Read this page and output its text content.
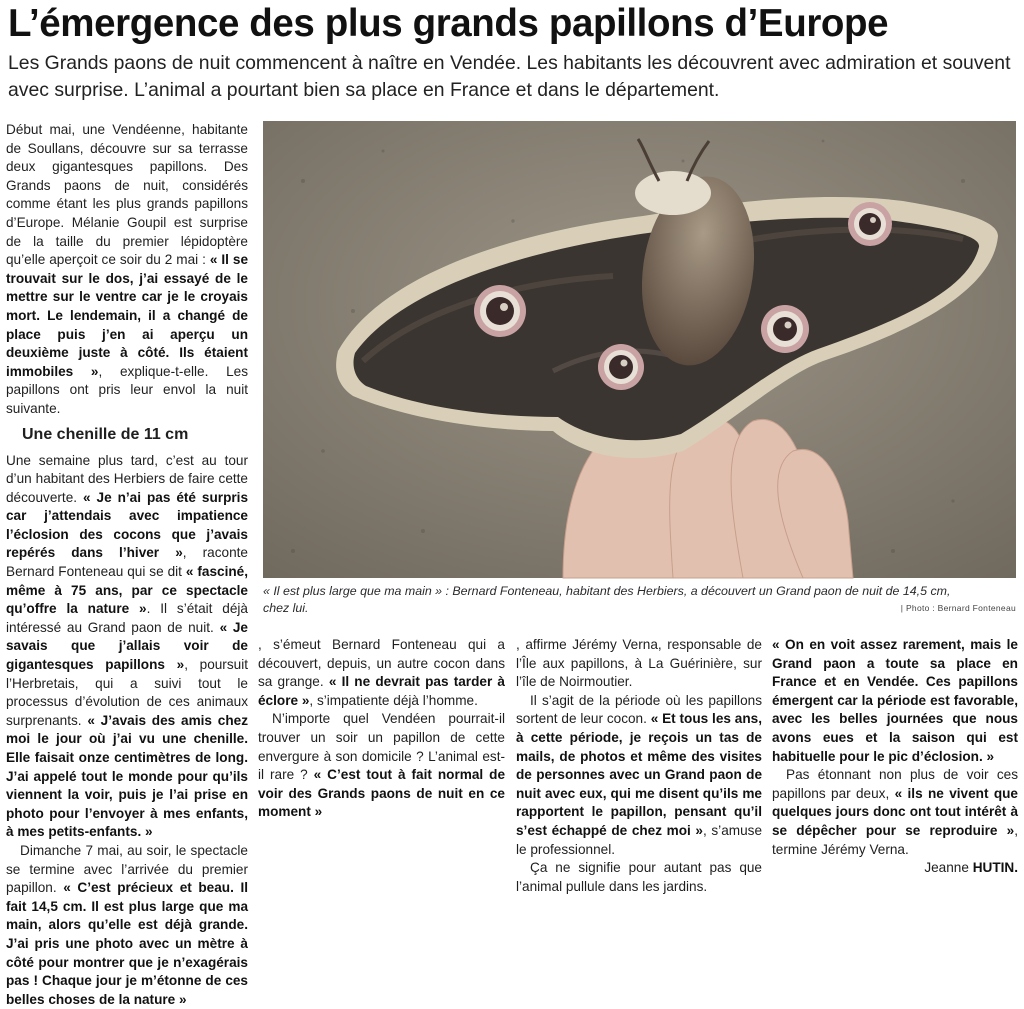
L’émergence des plus grands papillons d’Europe

Les Grands paons de nuit commencent à naître en Vendée. Les habitants les découvrent avec admiration et souvent avec surprise. L’animal a pourtant bien sa place en France et dans le département.

Début mai, une Vendéenne, habitante de Soullans, découvre sur sa terrasse deux gigantesques papillons. Des Grands paons de nuit, considérés comme étant les plus grands papillons d’Europe. Mélanie Goupil est surprise de la taille du premier lépidoptère qu’elle aperçoit ce soir du 2 mai : « Il se trouvait sur le dos, j’ai essayé de le mettre sur le ventre car je le croyais mort. Le lendemain, il a changé de place puis j’en ai aperçu un deuxième juste à côté. Ils étaient immobiles », explique-t-elle. Les papillons ont pris leur envol la nuit suivante.

Une chenille de 11 cm

Une semaine plus tard, c’est au tour d’un habitant des Herbiers de faire cette découverte. « Je n’ai pas été surpris car j’attendais avec impatience l’éclosion des cocons que j’avais repérés dans l’hiver », raconte Bernard Fonteneau qui se dit « fasciné, même à 75 ans, par ce spectacle qu’offre la nature ». Il s’était déjà intéressé au Grand paon de nuit. « Je savais que j’allais voir de gigantesques papillons », poursuit l’Herbretais, qui a suivi tout le processus d’évolution de ces animaux surprenants. « J’avais des amis chez moi le jour où j’ai vu une chenille. Elle faisait onze centimètres de long. J’ai appelé tout le monde pour qu’ils viennent la voir, puis je l’ai prise en photo pour l’envoyer à mes enfants, à mes petits-enfants. »

Dimanche 7 mai, au soir, le spectacle se termine avec l’arrivée du premier papillon. « C’est précieux et beau. Il fait 14,5 cm. Il est plus large que ma main, alors qu’elle est déjà grande. J’ai pris une photo avec un mètre à côté pour montrer que je n’exagérais pas ! Chaque jour je m’étonne de ces belles choses de la nature »

« Il est plus large que ma main » : Bernard Fonteneau, habitant des Herbiers, a découvert un Grand paon de nuit de 14,5 cm, chez lui.	| Photo : Bernard Fonteneau

, s’émeut Bernard Fonteneau qui a découvert, depuis, un autre cocon dans sa grange. « Il ne devrait pas tarder à éclore », s’impatiente déjà l’homme.

N’importe quel Vendéen pourrait-il trouver un soir un papillon de cette envergure à son domicile ? L’animal est-il rare ? « C’est tout à fait normal de voir des Grands paons de nuit en ce moment »

, affirme Jérémy Verna, responsable de l’Île aux papillons, à La Guérinière, sur l’île de Noirmoutier.

Il s’agit de la période où les papillons sortent de leur cocon. « Et tous les ans, à cette période, je reçois un tas de mails, de photos et même des visites de personnes avec un Grand paon de nuit avec eux, qui me disent qu’ils me rapportent le papillon, pensant qu’il s’est échappé de chez moi », s’amuse le professionnel.

Ça ne signifie pour autant pas que l’animal pullule dans les jardins.

« On en voit assez rarement, mais le Grand paon a toute sa place en France et en Vendée. Ces papillons émergent car la période est favorable, avec les belles journées que nous avons eues et la saison qui est habituelle pour le pic d’éclosion. »

Pas étonnant non plus de voir ces papillons par deux, « ils ne vivent que quelques jours donc ont tout intérêt à se dépêcher pour se reproduire », termine Jérémy Verna.

Jeanne HUTIN.
